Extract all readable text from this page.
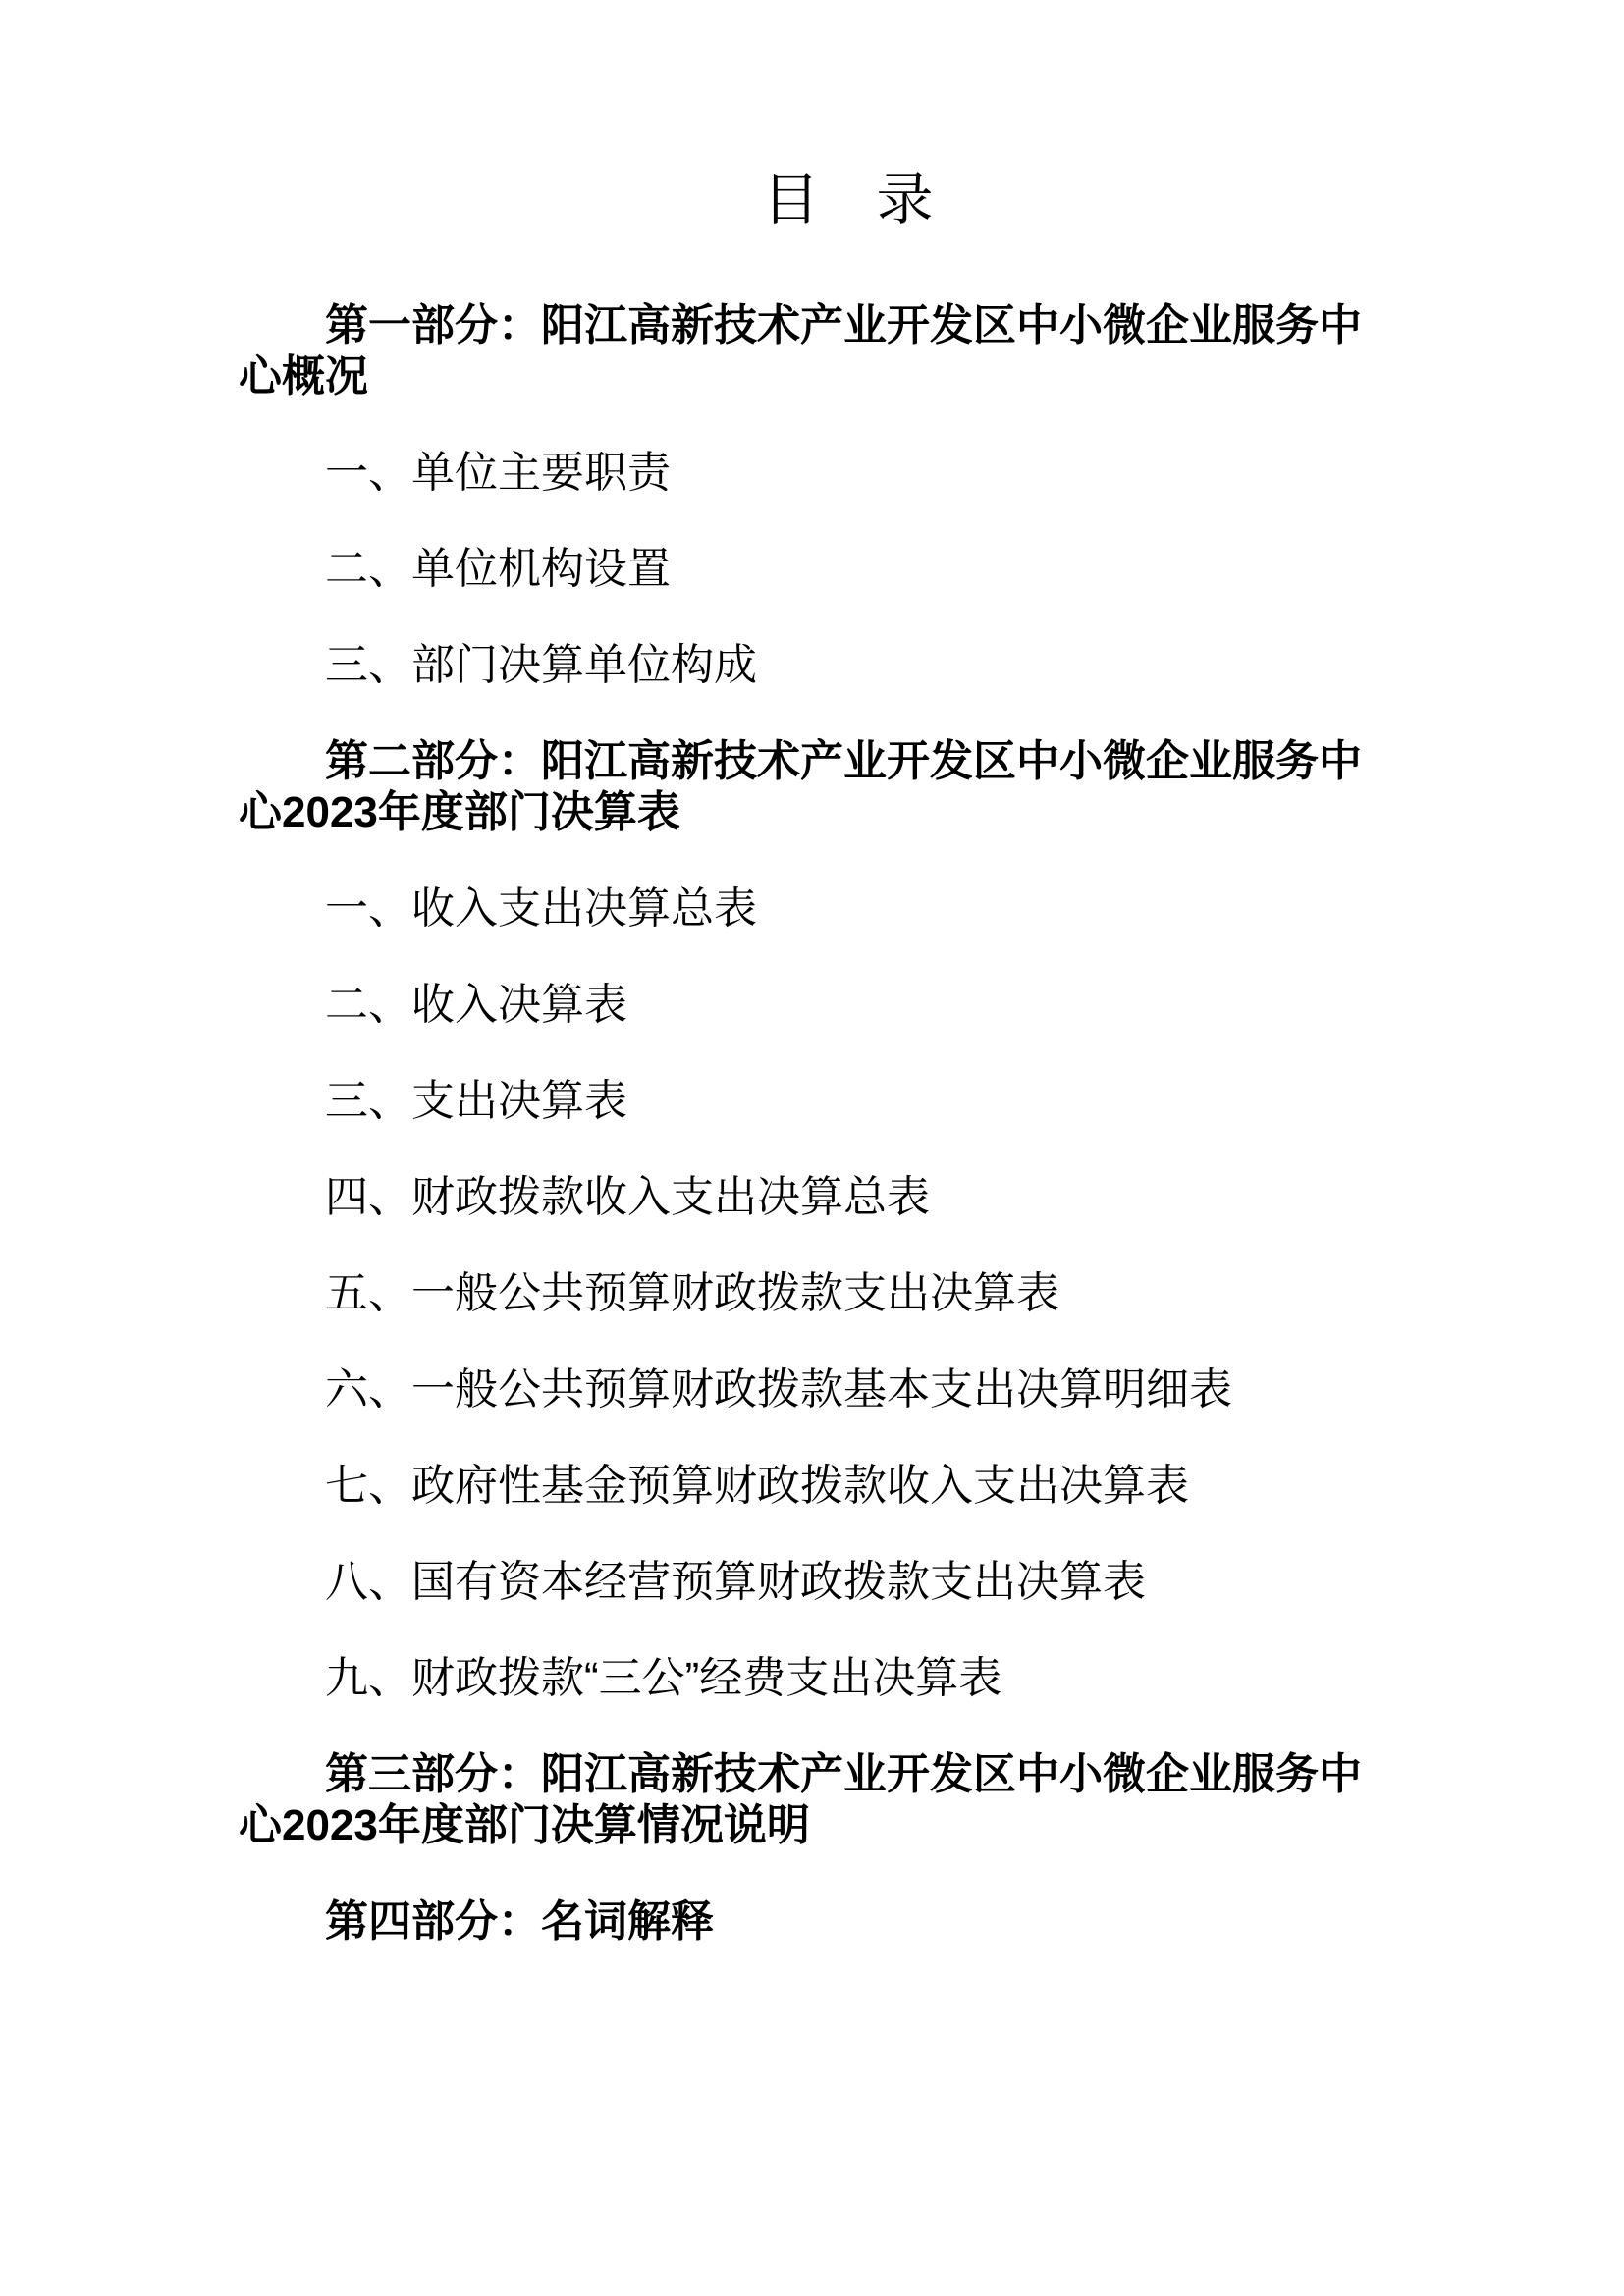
目　录

第一部分：阳江高新技术产业开发区中小微企业服务中
心概况

一、单位主要职责

二、单位机构设置

三、部门决算单位构成

第二部分：阳江高新技术产业开发区中小微企业服务中
心2023年度部门决算表

一、收入支出决算总表

二、收入决算表

三、支出决算表

四、财政拨款收入支出决算总表

五、一般公共预算财政拨款支出决算表

六、一般公共预算财政拨款基本支出决算明细表

七、政府性基金预算财政拨款收入支出决算表

八、国有资本经营预算财政拨款支出决算表

九、财政拨款“三公”经费支出决算表

第三部分：阳江高新技术产业开发区中小微企业服务中
心2023年度部门决算情况说明

第四部分：名词解释
